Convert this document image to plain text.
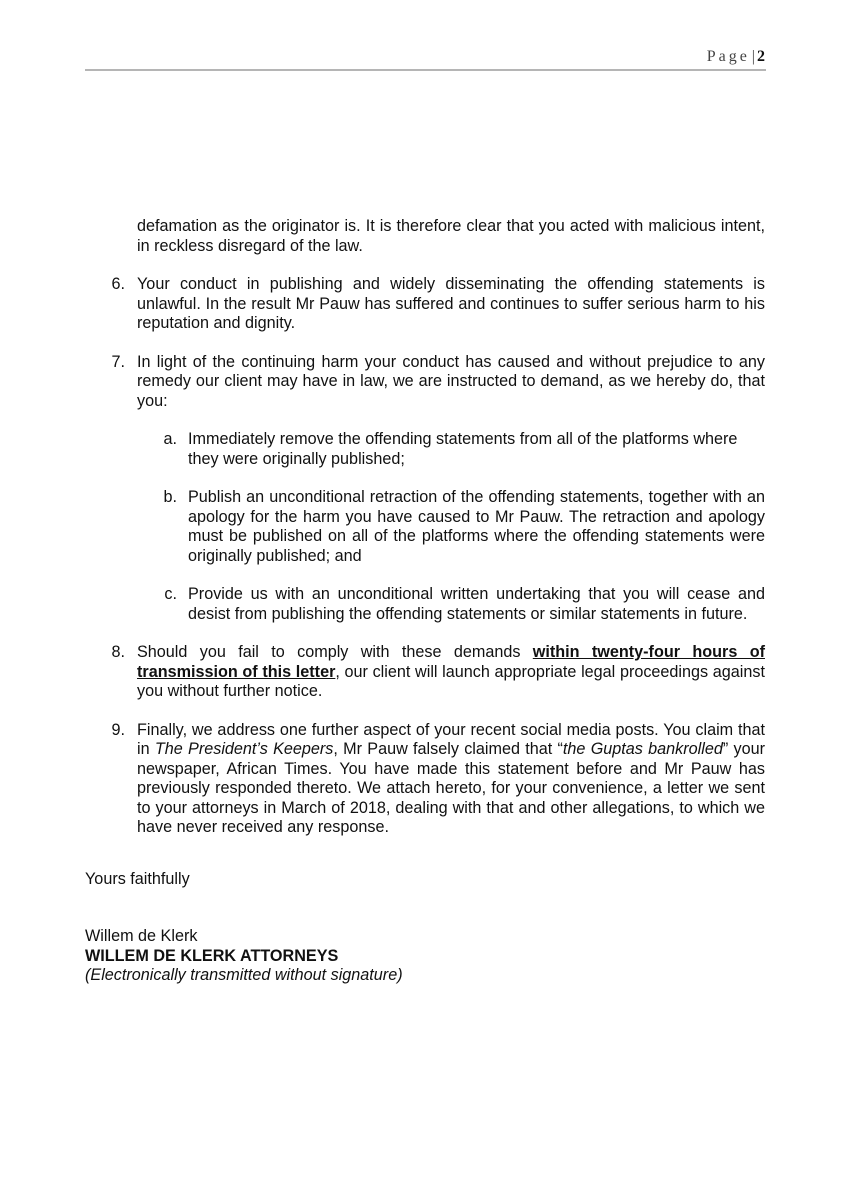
Page | 2

defamation as the originator is. It is therefore clear that you acted with malicious intent, in reckless disregard of the law.

6. Your conduct in publishing and widely disseminating the offending statements is unlawful. In the result Mr Pauw has suffered and continues to suffer serious harm to his reputation and dignity.

7. In light of the continuing harm your conduct has caused and without prejudice to any remedy our client may have in law, we are instructed to demand, as we hereby do, that you:

a. Immediately remove the offending statements from all of the platforms where they were originally published;

b. Publish an unconditional retraction of the offending statements, together with an apology for the harm you have caused to Mr Pauw. The retraction and apology must be published on all of the platforms where the offending statements were originally published; and

c. Provide us with an unconditional written undertaking that you will cease and desist from publishing the offending statements or similar statements in future.

8. Should you fail to comply with these demands within twenty-four hours of transmission of this letter, our client will launch appropriate legal proceedings against you without further notice.

9. Finally, we address one further aspect of your recent social media posts. You claim that in The President’s Keepers, Mr Pauw falsely claimed that “the Guptas bankrolled” your newspaper, African Times. You have made this statement before and Mr Pauw has previously responded thereto. We attach hereto, for your convenience, a letter we sent to your attorneys in March of 2018, dealing with that and other allegations, to which we have never received any response.

Yours faithfully

Willem de Klerk

WILLEM DE KLERK ATTORNEYS

(Electronically transmitted without signature)
